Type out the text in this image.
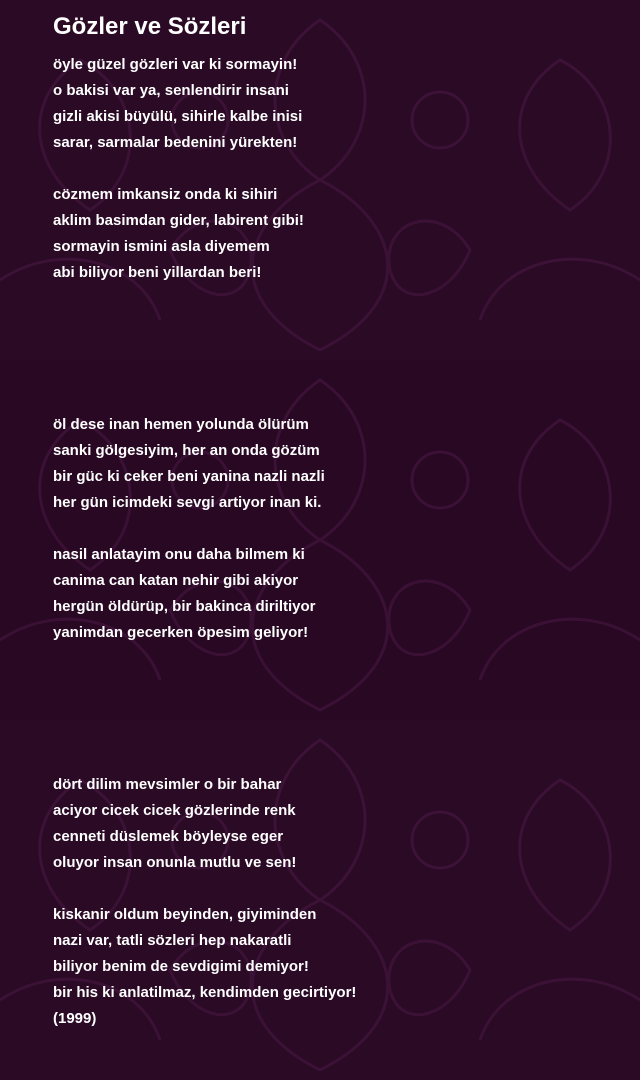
Gözler ve Sözleri
öyle güzel gözleri var ki sormayin!
o bakisi var ya, senlendirir insani
gizli akisi büyülü, sihirle kalbe inisi
sarar, sarmalar bedenini yürekten!
cözmem imkansiz onda ki sihiri
aklim basimdan gider, labirent gibi!
sormayin ismini asla diyemem
abi biliyor beni yillardan beri!
öl dese inan hemen yolunda ölürüm
sanki gölgesiyim, her an onda gözüm
bir güc ki ceker beni yanina nazli nazli
her gün icimdeki sevgi artiyor inan ki.
nasil anlatayim onu daha bilmem ki
canima can katan nehir gibi akiyor
hergün öldürüp, bir bakinca diriltiyor
yanimdan gecerken öpesim geliyor!
dört dilim mevsimler o bir bahar
aciyor cicek cicek gözlerinde renk
cenneti düslemek böyleyse eger
oluyor insan onunla mutlu ve sen!
kiskanir oldum beyinden, giyiminden
nazi var, tatli sözleri hep nakaratli
biliyor benim de sevdigimi demiyor!
bir his ki anlatilmaz, kendimden gecirtiyor!
(1999)
